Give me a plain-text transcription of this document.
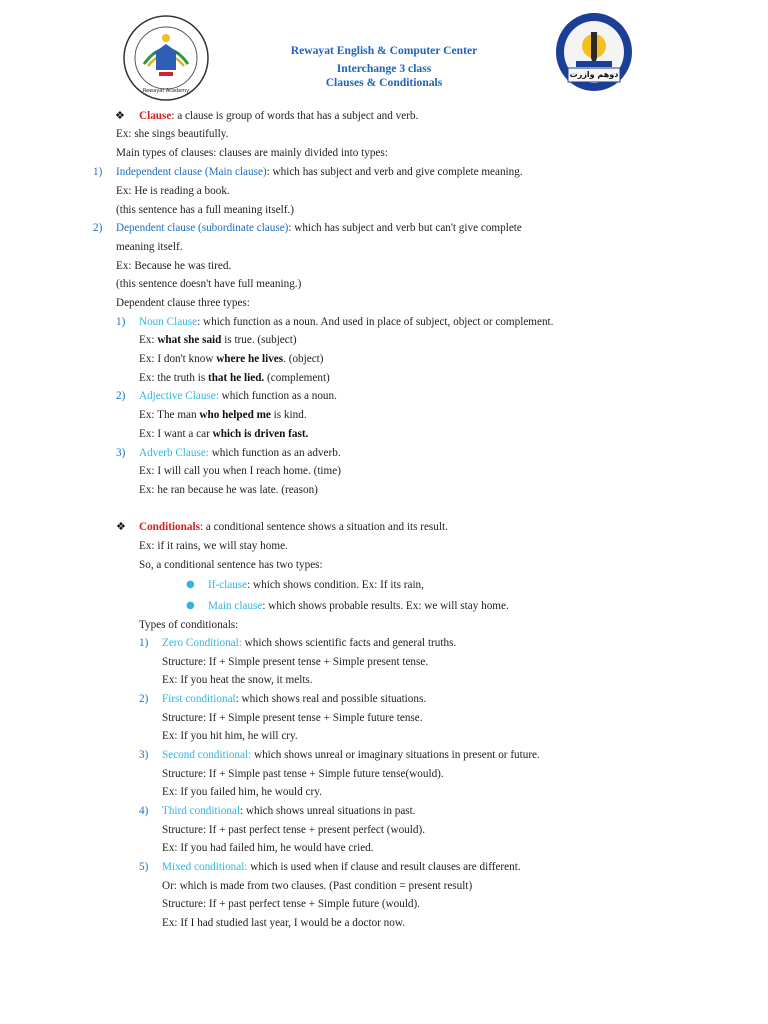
Rewayat Academy
دوهم وازرت
Rewayat English & Computer Center
Interchange 3 class
Clauses & Conditionals
❖ Clause: a clause is group of words that has a subject and verb.
Ex: she sings beautifully.
Main types of clauses: clauses are mainly divided into types:
1) Independent clause (Main clause): which has subject and verb and give complete meaning.
Ex: He is reading a book.
(this sentence has a full meaning itself.)
2) Dependent clause (subordinate clause): which has subject and verb but can't give complete
meaning itself.
Ex: Because he was tired.
(this sentence doesn't have full meaning.)
Dependent clause three types:
1) Noun Clause: which function as a noun. And used in place of subject, object or complement.
Ex: what she said is true. (subject)
Ex: I don't know where he lives. (object)
Ex: the truth is that he lied. (complement)
2) Adjective Clause: which function as a noun.
Ex: The man who helped me is kind.
Ex: I want a car which is driven fast.
3) Adverb Clause: which function as an adverb.
Ex: I will call you when I reach home. (time)
Ex: he ran because he was late. (reason)
❖ Conditionals: a conditional sentence shows a situation and its result.
Ex: if it rains, we will stay home.
So, a conditional sentence has two types:
● If-clause: which shows condition. Ex: If its rain,
● Main clause: which shows probable results. Ex: we will stay home.
Types of conditionals:
1) Zero Conditional: which shows scientific facts and general truths.
Structure: If + Simple present tense + Simple present tense.
Ex: If you heat the snow, it melts.
2) First conditional: which shows real and possible situations.
Structure: If + Simple present tense + Simple future tense.
Ex: If you hit him, he will cry.
3) Second conditional: which shows unreal or imaginary situations in present or future.
Structure: If + Simple past tense + Simple future tense(would).
Ex: If you failed him, he would cry.
4) Third conditional: which shows unreal situations in past.
Structure: If + past perfect tense + present perfect (would).
Ex: If you had failed him, he would have cried.
5) Mixed conditional: which is used when if clause and result clauses are different.
Or: which is made from two clauses. (Past condition = present result)
Structure: If + past perfect tense + Simple future (would).
Ex: If I had studied last year, I would be a doctor now.
